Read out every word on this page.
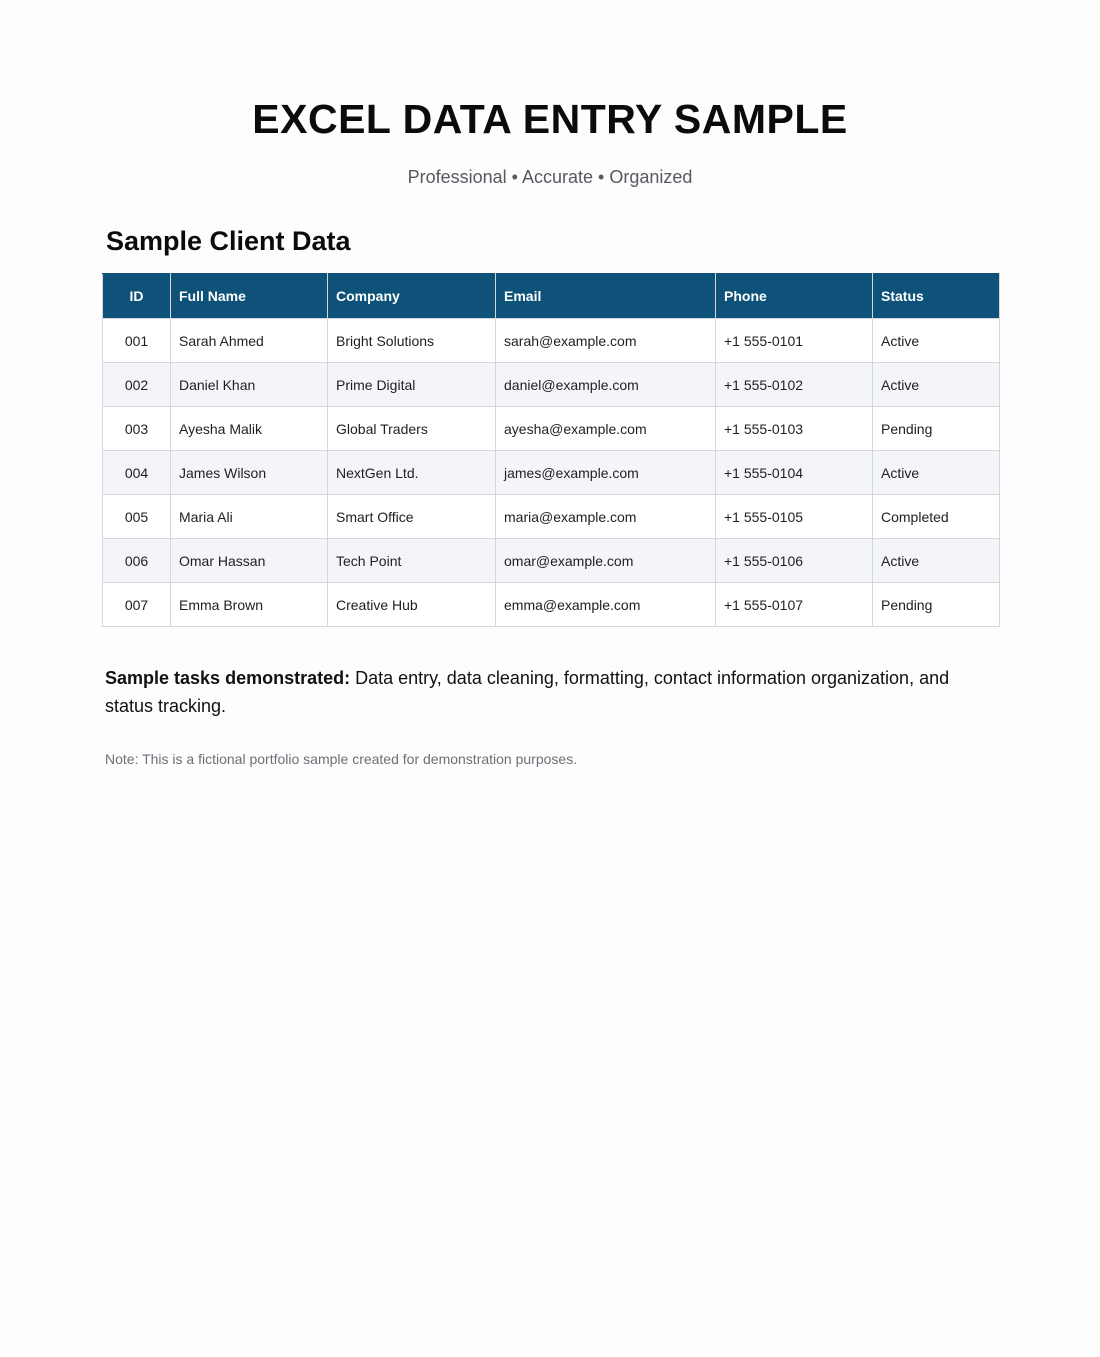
EXCEL DATA ENTRY SAMPLE

Professional • Accurate • Organized

Sample Client Data
ID	Full Name	Company	Email	Phone	Status
001	Sarah Ahmed	Bright Solutions	sarah@example.com	+1 555-0101	Active
002	Daniel Khan	Prime Digital	daniel@example.com	+1 555-0102	Active
003	Ayesha Malik	Global Traders	ayesha@example.com	+1 555-0103	Pending
004	James Wilson	NextGen Ltd.	james@example.com	+1 555-0104	Active
005	Maria Ali	Smart Office	maria@example.com	+1 555-0105	Completed
006	Omar Hassan	Tech Point	omar@example.com	+1 555-0106	Active
007	Emma Brown	Creative Hub	emma@example.com	+1 555-0107	Pending

Sample tasks demonstrated: Data entry, data cleaning, formatting, contact information organization, and status tracking.

Note: This is a fictional portfolio sample created for demonstration purposes.
